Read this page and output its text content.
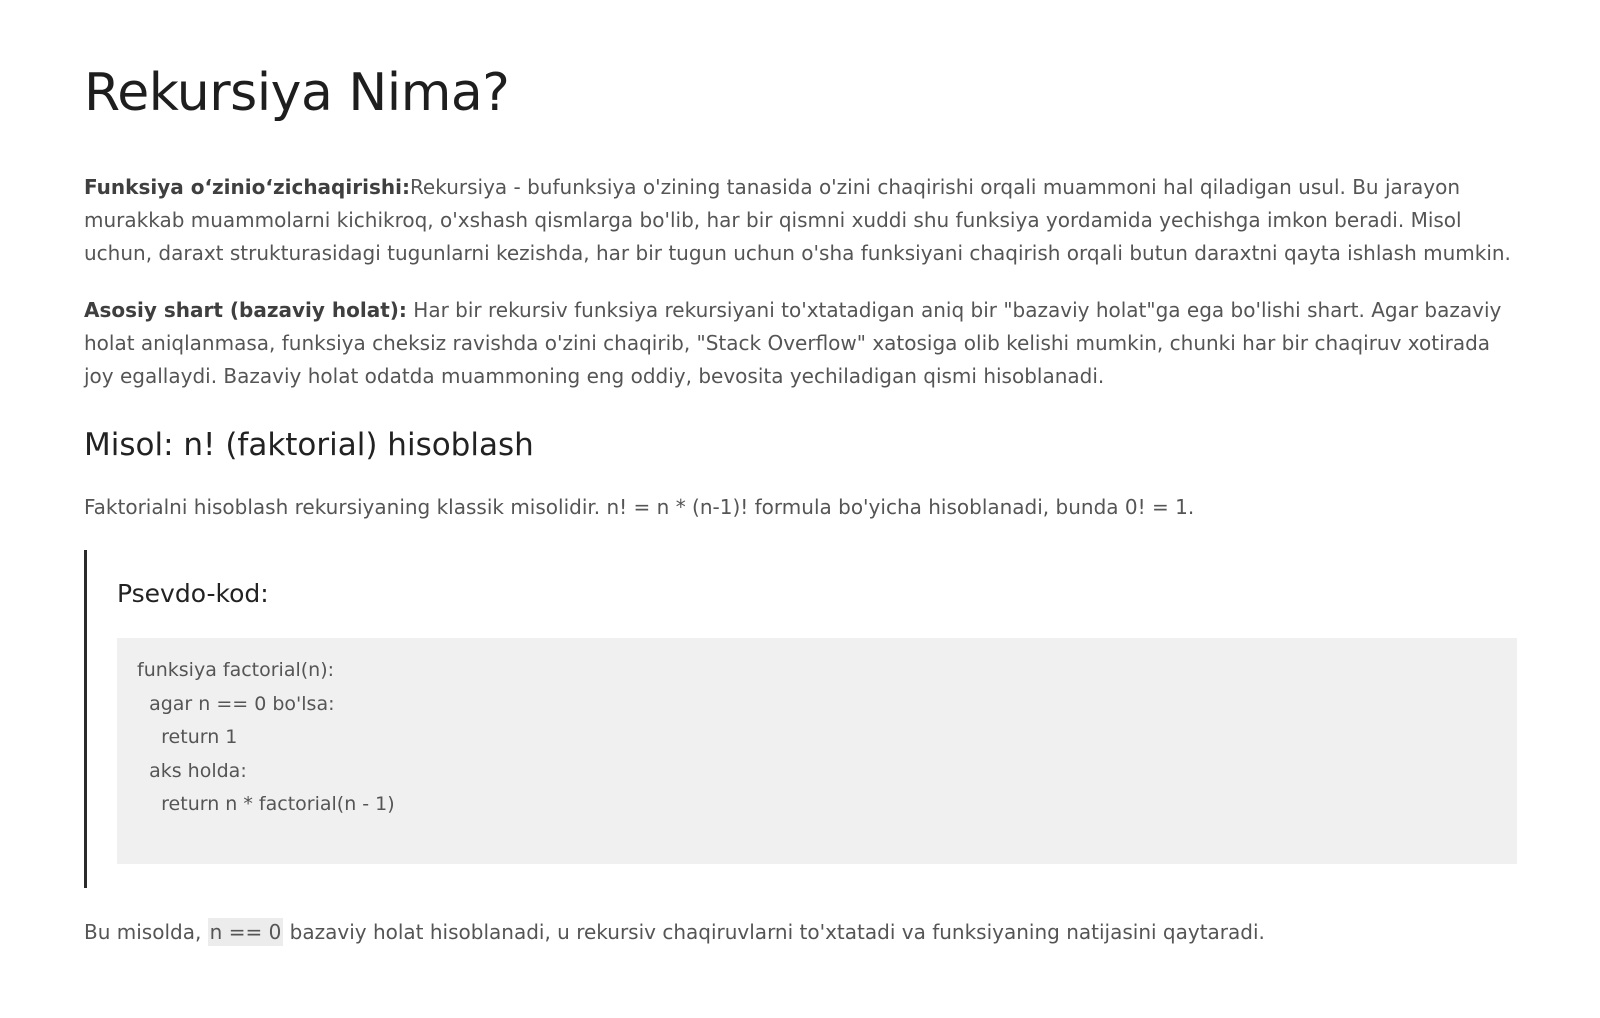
Rekursiya Nima?

Funksiya o‘zinio‘zichaqirishi:Rekursiya - bufunksiya o'zining tanasida o'zini chaqirishi orqali muammoni hal qiladigan usul. Bu jarayon murakkab muammolarni kichikroq, o'xshash qismlarga bo'lib, har bir qismni xuddi shu funksiya yordamida yechishga imkon beradi. Misol uchun, daraxt strukturasidagi tugunlarni kezishda, har bir tugun uchun o'sha funksiyani chaqirish orqali butun daraxtni qayta ishlash mumkin.

Asosiy shart (bazaviy holat): Har bir rekursiv funksiya rekursiyani to'xtatadigan aniq bir "bazaviy holat"ga ega bo'lishi shart. Agar bazaviy holat aniqlanmasa, funksiya cheksiz ravishda o'zini chaqirib, "Stack Overflow" xatosiga olib kelishi mumkin, chunki har bir chaqiruv xotirada joy egallaydi. Bazaviy holat odatda muammoning eng oddiy, bevosita yechiladigan qismi hisoblanadi.

Misol: n! (faktorial) hisoblash

Faktorialni hisoblash rekursiyaning klassik misolidir. n! = n * (n-1)! formula bo'yicha hisoblanadi, bunda 0! = 1.

Psevdo-kod:
funksiya factorial(n):
agar n == 0 bo'lsa:
return 1
aks holda:
return n * factorial(n - 1)

Bu misolda, n == 0 bazaviy holat hisoblanadi, u rekursiv chaqiruvlarni to'xtatadi va funksiyaning natijasini qaytaradi.
